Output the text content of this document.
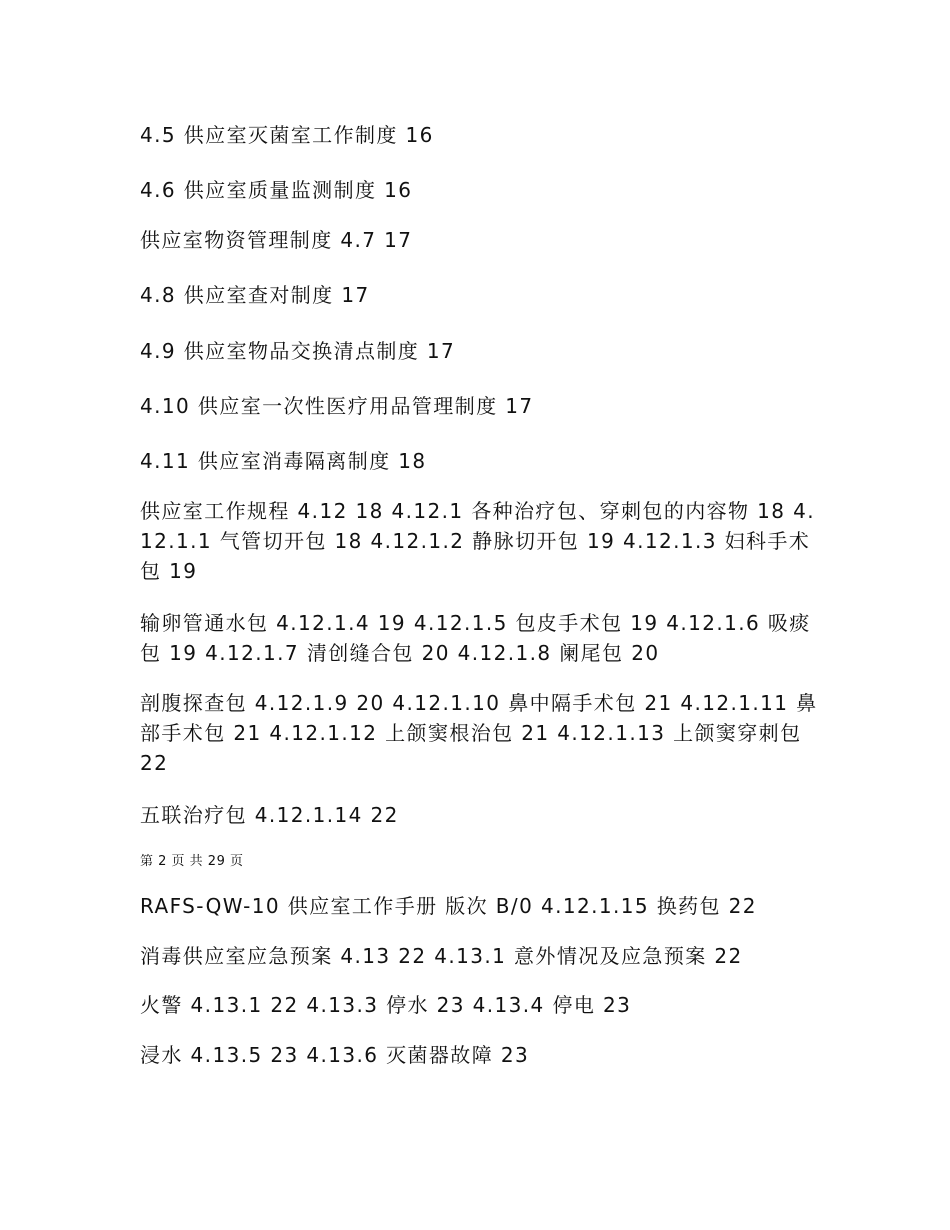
4.5 供应室灭菌室工作制度 16
4.6 供应室质量监测制度 16
供应室物资管理制度 4.7 17
4.8 供应室查对制度 17
4.9 供应室物品交换清点制度 17
4.10 供应室一次性医疗用品管理制度 17
4.11 供应室消毒隔离制度 18
供应室工作规程 4.12 18 4.12.1 各种治疗包、穿刺包的内容物 18 4.12.1.1 气管切开包 18 4.12.1.2 静脉切开包 19 4.12.1.3 妇科手术包 19
输卵管通水包 4.12.1.4 19 4.12.1.5 包皮手术包 19 4.12.1.6 吸痰包 19 4.12.1.7 清创缝合包 20 4.12.1.8 阑尾包 20
剖腹探查包 4.12.1.9 20 4.12.1.10 鼻中隔手术包 21 4.12.1.11 鼻部手术包 21 4.12.1.12 上颌窦根治包 21 4.12.1.13 上颌窦穿刺包 22
五联治疗包 4.12.1.14 22
第 2 页 共 29 页
RAFS-QW-10 供应室工作手册 版次 B/0 4.12.1.15 换药包 22
消毒供应室应急预案 4.13 22 4.13.1 意外情况及应急预案 22
火警 4.13.1 22 4.13.3 停水 23 4.13.4 停电 23
浸水 4.13.5 23 4.13.6 灭菌器故障 23
